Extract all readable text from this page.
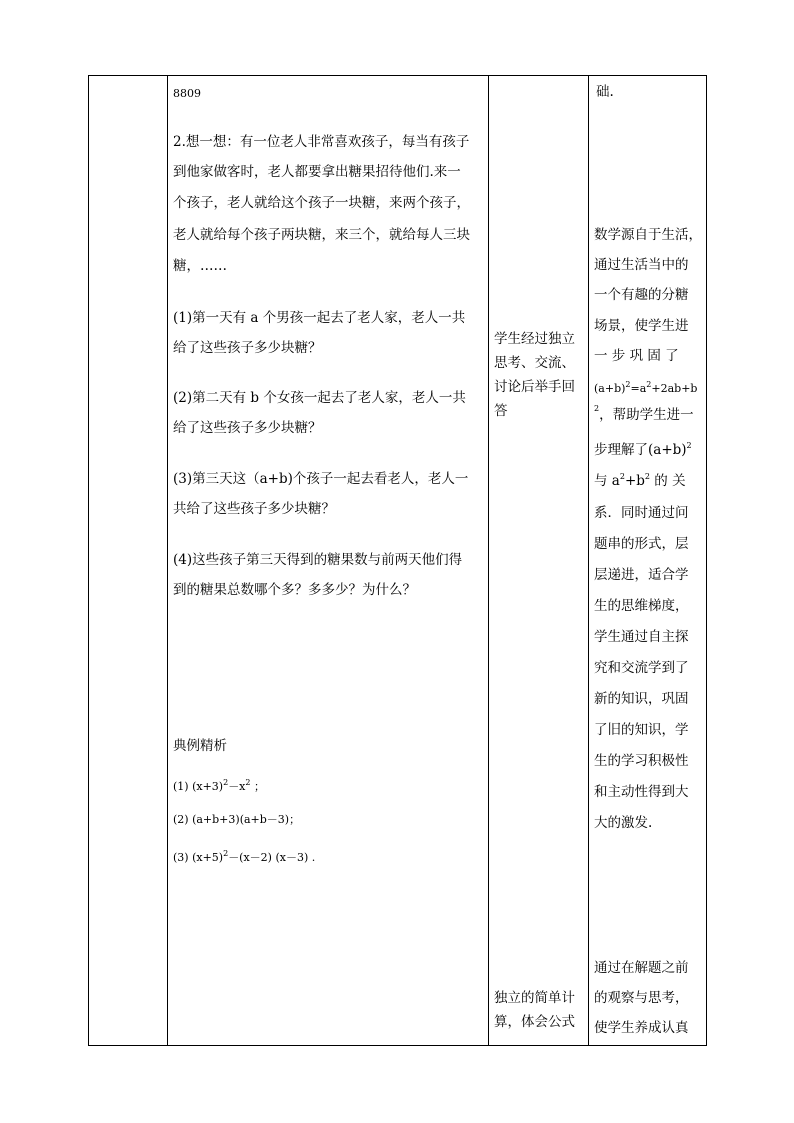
8809
2.想一想：有一位老人非常喜欢孩子，每当有孩子
到他家做客时，老人都要拿出糖果招待他们.来一
个孩子，老人就给这个孩子一块糖，来两个孩子，
老人就给每个孩子两块糖，来三个，就给每人三块
糖，……
(1)第一天有 a 个男孩一起去了老人家，老人一共
给了这些孩子多少块糖？
(2)第二天有 b 个女孩一起去了老人家，老人一共
给了这些孩子多少块糖？
(3)第三天这（a+b)个孩子一起去看老人，老人一
共给了这些孩子多少块糖？
(4)这些孩子第三天得到的糖果数与前两天他们得
到的糖果总数哪个多？多多少？为什么？
典例精析
(1) $(x+3)^2-x^2$ ；
(2) (a+b+3)(a+b－3)；
(3) $(x+5)^2-(x-2)$ (x－3) .
学生经过独立思考、交流、讨论后举手回答
独立的简单计算，体会公式
础.
数学源自于生活，
通过生活当中的
一个有趣的分糖
场景，使学生进
一 步 巩 固 了
$(a+b)^2=a^2+2ab+b$
$^2$，帮助学生进一
步理解了$(a+b)^2$
与 $a^2+b^2$ 的 关
系．同时通过问
题串的形式，层
层递进，适合学
生的思维梯度，
学生通过自主探
究和交流学到了
新的知识，巩固
了旧的知识，学
生的学习积极性
和主动性得到大
大的激发.
通过在解题之前
的观察与思考，
使学生养成认真
